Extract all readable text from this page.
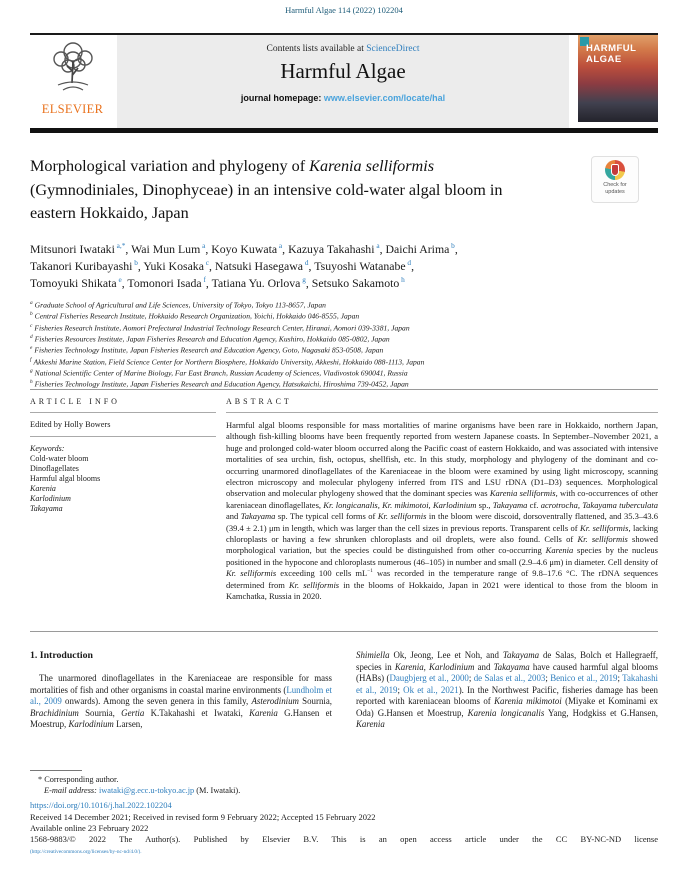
Harmful Algae 114 (2022) 102204
ELSEVIER
Contents lists available at ScienceDirect
Harmful Algae
journal homepage: www.elsevier.com/locate/hal
HARMFUL
ALGAE
Morphological variation and phylogeny of Karenia selliformis
(Gymnodiniales, Dinophyceae) in an intensive cold-water algal bloom in
eastern Hokkaido, Japan
Check for
updates
Mitsunori Iwataki $^{a,*}$, Wai Mun Lum $^a$, Koyo Kuwata $^a$, Kazuya Takahashi $^a$, Daichi Arima $^b$,
Takanori Kuribayashi $^b$, Yuki Kosaka $^c$, Natsuki Hasegawa $^d$, Tsuyoshi Watanabe $^d$,
Tomoyuki Shikata $^e$, Tomonori Isada $^f$, Tatiana Yu. Orlova $^g$, Setsuko Sakamoto $^h$
$^a$ Graduate School of Agricultural and Life Sciences, University of Tokyo, Tokyo 113-8657, Japan
$^b$ Central Fisheries Research Institute, Hokkaido Research Organization, Yoichi, Hokkaido 046-8555, Japan
$^c$ Fisheries Research Institute, Aomori Prefectural Industrial Technology Research Center, Hiranai, Aomori 039-3381, Japan
$^d$ Fisheries Resources Institute, Japan Fisheries Research and Education Agency, Kushiro, Hokkaido 085-0802, Japan
$^e$ Fisheries Technology Institute, Japan Fisheries Research and Education Agency, Goto, Nagasaki 853-0508, Japan
$^f$ Akkeshi Marine Station, Field Science Center for Northern Biosphere, Hokkaido University, Akkeshi, Hokkaido 088-1113, Japan
$^g$ National Scientific Center of Marine Biology, Far East Branch, Russian Academy of Sciences, Vladivostok 690041, Russia
$^h$ Fisheries Technology Institute, Japan Fisheries Research and Education Agency, Hatsukaichi, Hiroshima 739-0452, Japan
ARTICLE INFO
Edited by Holly Bowers
Keywords:
Cold-water bloom
Dinoflagellates
Harmful algal blooms
Karenia
Karlodinium
Takayama
ABSTRACT
Harmful algal blooms responsible for mass mortalities of marine organisms have been rare in Hokkaido, northern Japan, although fish-killing blooms have been frequently reported from western Japanese coasts. In September–November 2021, a huge and prolonged cold-water bloom occurred along the Pacific coast of eastern Hokkaido, and was associated with intensive mortalities of sea urchin, fish, octopus, shellfish, etc. In this study, morphology and phylogeny of the dominant and co-occurring unarmored dinoflagellates of the Kareniaceae in the bloom were examined by using light microscopy, scanning electron microscopy and molecular phylogeny inferred from ITS and LSU rDNA (D1–D3) sequences. Morphological observation and molecular phylogeny showed that the dominant species was Karenia selliformis, with co-occurrences of other kareniacean dinoflagellates, Kr. longicanalis, Kr. mikimotoi, Karlodinium sp., Takayama cf. acrotrocha, Takayama tuberculata and Takayama sp. The typical cell forms of Kr. selliformis in the bloom were discoid, dorsoventrally flattened, and 35.3–43.6 (39.4 ± 2.1) μm in length, which was larger than the cell sizes in previous reports. Transparent cells of Kr. selliformis, lacking chloroplasts or having a few shrunken chloroplasts and oil droplets, were also found. Cells of Kr. selliformis showed morphological variation, but the species could be distinguished from other co-occurring Karenia species by the nucleus positioned in the hypocone and chloroplasts numerous (46–105) in number and small (2.9–4.6 μm) in diameter. Cell density of Kr. selliformis exceeding 100 cells $mL^{-1}$ was recorded in the temperature range of 9.8–17.6 °C. The rDNA sequences determined from Kr. selliformis in the blooms of Hokkaido, Japan in 2021 were identical to those from the bloom in Kamchatka, Russia in 2020.
1. Introduction

The unarmored dinoflagellates in the Kareniaceae are responsible for mass mortalities of fish and other organisms in coastal marine environments (Lundholm et al., 2009 onwards). Among the seven genera in this family, Asterodinium Sournia, Brachidinium Sournia, Gertia K.Takahashi et Iwataki, Karenia G.Hansen et Moestrup, Karlodinium Larsen,

Shimiella Ok, Jeong, Lee et Noh, and Takayama de Salas, Bolch et Hallegraeff, species in Karenia, Karlodinium and Takayama have caused harmful algal blooms (HABs) (Daugbjerg et al., 2000; de Salas et al., 2003; Benico et al., 2019; Takahashi et al., 2019; Ok et al., 2021). In the Northwest Pacific, fisheries damage has been reported with kareniacean blooms of Karenia mikimotoi (Miyake et Kominami ex Oda) G.Hansen et Moestrup, Karenia longicanalis Yang, Hodgkiss et G.Hansen, Karenia

* Corresponding author.
E-mail address: iwataki@g.ecc.u-tokyo.ac.jp (M. Iwataki).
https://doi.org/10.1016/j.hal.2022.102204
Received 14 December 2021; Received in revised form 9 February 2022; Accepted 15 February 2022
Available online 23 February 2022
1568-9883/© 2022 The Author(s). Published by Elsevier B.V. This is an open access article under the CC BY-NC-ND license
(http://creativecommons.org/licenses/by-nc-nd/4.0/).
